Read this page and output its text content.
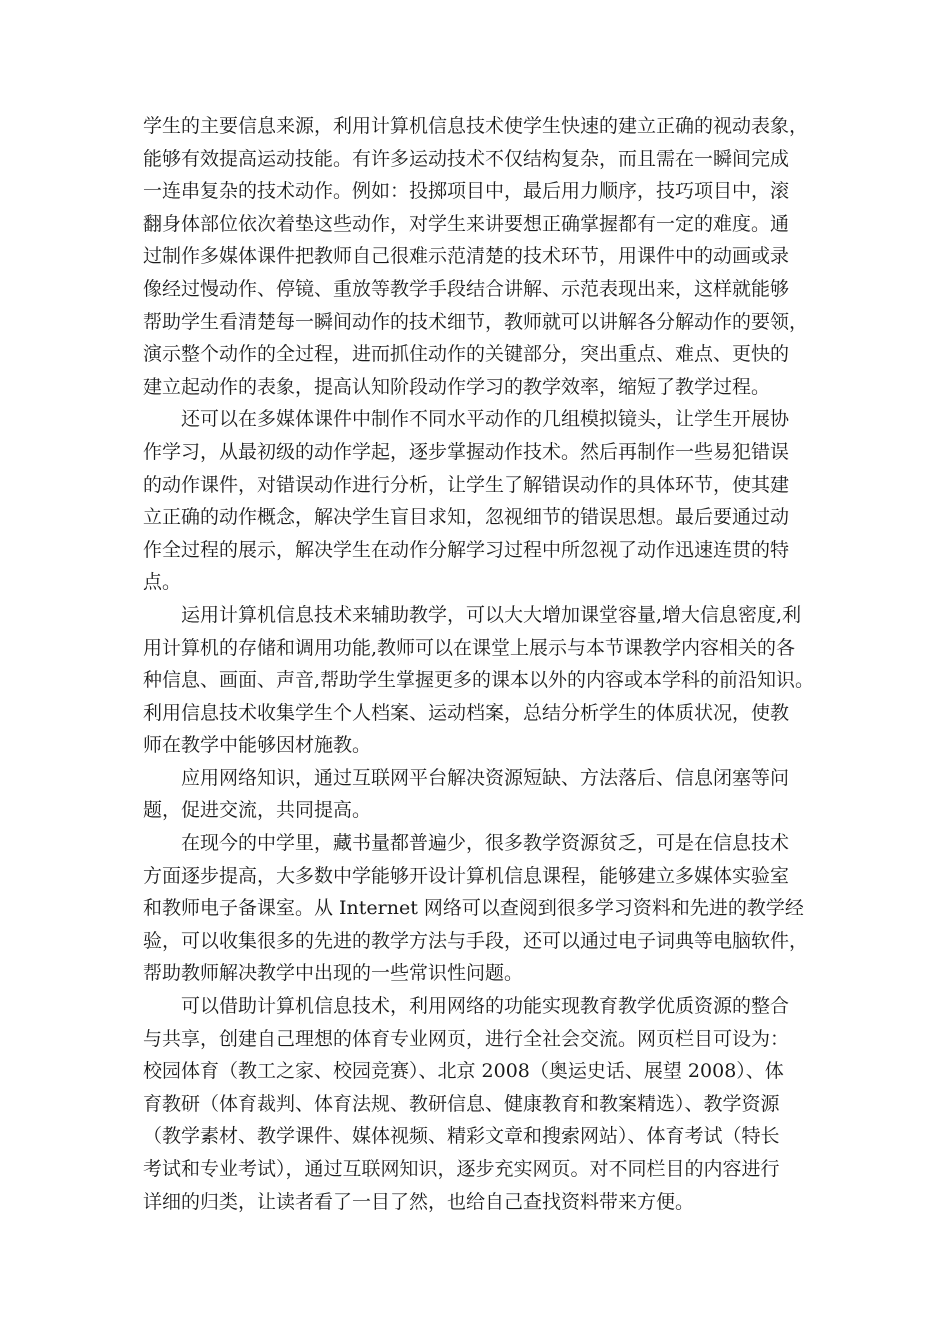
学生的主要信息来源，利用计算机信息技术使学生快速的建立正确的视动表象，
能够有效提高运动技能。有许多运动技术不仅结构复杂，而且需在一瞬间完成
一连串复杂的技术动作。例如：投掷项目中，最后用力顺序，技巧项目中，滚
翻身体部位依次着垫这些动作，对学生来讲要想正确掌握都有一定的难度。通
过制作多媒体课件把教师自己很难示范清楚的技术环节，用课件中的动画或录
像经过慢动作、停镜、重放等教学手段结合讲解、示范表现出来，这样就能够
帮助学生看清楚每一瞬间动作的技术细节，教师就可以讲解各分解动作的要领，
演示整个动作的全过程，进而抓住动作的关键部分，突出重点、难点、更快的
建立起动作的表象，提高认知阶段动作学习的教学效率，缩短了教学过程。
还可以在多媒体课件中制作不同水平动作的几组模拟镜头，让学生开展协
作学习，从最初级的动作学起，逐步掌握动作技术。然后再制作一些易犯错误
的动作课件，对错误动作进行分析，让学生了解错误动作的具体环节，使其建
立正确的动作概念，解决学生盲目求知，忽视细节的错误思想。最后要通过动
作全过程的展示，解决学生在动作分解学习过程中所忽视了动作迅速连贯的特
点。
运用计算机信息技术来辅助教学，可以大大增加课堂容量,增大信息密度,利
用计算机的存储和调用功能,教师可以在课堂上展示与本节课教学内容相关的各
种信息、画面、声音,帮助学生掌握更多的课本以外的内容或本学科的前沿知识。
利用信息技术收集学生个人档案、运动档案，总结分析学生的体质状况，使教
师在教学中能够因材施教。
应用网络知识，通过互联网平台解决资源短缺、方法落后、信息闭塞等问
题，促进交流，共同提高。
在现今的中学里，藏书量都普遍少，很多教学资源贫乏，可是在信息技术
方面逐步提高，大多数中学能够开设计算机信息课程，能够建立多媒体实验室
和教师电子备课室。从 Internet 网络可以查阅到很多学习资料和先进的教学经
验，可以收集很多的先进的教学方法与手段，还可以通过电子词典等电脑软件，
帮助教师解决教学中出现的一些常识性问题。
可以借助计算机信息技术，利用网络的功能实现教育教学优质资源的整合
与共享，创建自己理想的体育专业网页，进行全社会交流。网页栏目可设为：
校园体育（教工之家、校园竞赛）、北京 2008（奥运史话、展望 2008）、体
育教研（体育裁判、体育法规、教研信息、健康教育和教案精选）、教学资源
（教学素材、教学课件、媒体视频、精彩文章和搜索网站）、体育考试（特长
考试和专业考试），通过互联网知识，逐步充实网页。对不同栏目的内容进行
详细的归类，让读者看了一目了然，也给自己查找资料带来方便。
